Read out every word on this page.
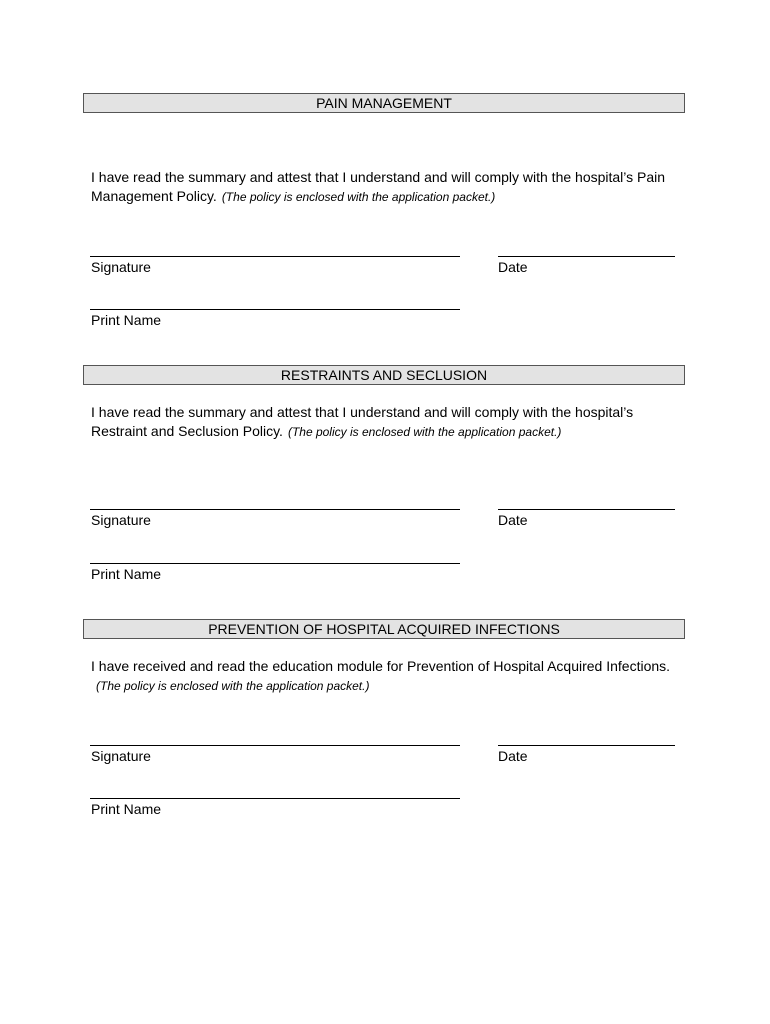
PAIN MANAGEMENT

I have read the summary and attest that I understand and will comply with the hospital’s Pain Management Policy. (The policy is enclosed with the application packet.)

Signature	Date
Print Name
RESTRAINTS AND SECLUSION

I have read the summary and attest that I understand and will comply with the hospital’s Restraint and Seclusion Policy. (The policy is enclosed with the application packet.)

Signature	Date
Print Name
PREVENTION OF HOSPITAL ACQUIRED INFECTIONS

I have received and read the education module for Prevention of Hospital Acquired Infections.(The policy is enclosed with the application packet.)

Signature	Date
Print Name
